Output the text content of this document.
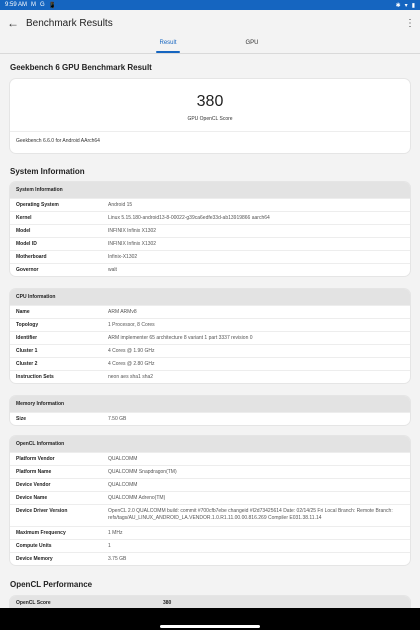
9:59 AM M G 📱	✱ ▾ ▮
← Benchmark Results	⋮
Result	GPU
Geekbench 6 GPU Benchmark Result
380
GPU OpenCL Score
Geekbench 6.6.0 for Android AArch64
System Information
System Information
Operating System	Android 15
Kernel	Linux 5.15.180-android13-8-00022-g39ca6edfe33d-ab13919866 aarch64
Model	INFINIX Infinix X1302
Model ID	INFINIX Infinix X1302
Motherboard	Infinix-X1302
Governor	walt
CPU Information
Name	ARM ARMv8
Topology	1 Processor, 8 Cores
Identifier	ARM implementer 65 architecture 8 variant 1 part 3337 revision 0
Cluster 1	4 Cores @ 1.90 GHz
Cluster 2	4 Cores @ 2.80 GHz
Instruction Sets	neon aes sha1 sha2
Memory Information
Size	7.50 GB
OpenCL Information
Platform Vendor	QUALCOMM
Platform Name	QUALCOMM Snapdragon(TM)
Device Vendor	QUALCOMM
Device Name	QUALCOMM Adreno(TM)
Device Driver Version	OpenCL 2.0 QUALCOMM build: commit #700cfb7ebe changeid #I2d73425614 Date: 02/14/25 Fri Local Branch: Remote Branch: refs/tags/AU_LINUX_ANDROID_LA.VENDOR.1.0.R1.11.00.00.816.269 Compiler E031.38.11.14
Maximum Frequency	1 MHz
Compute Units	1
Device Memory	3.75 GB
OpenCL Performance
OpenCL Score	380
